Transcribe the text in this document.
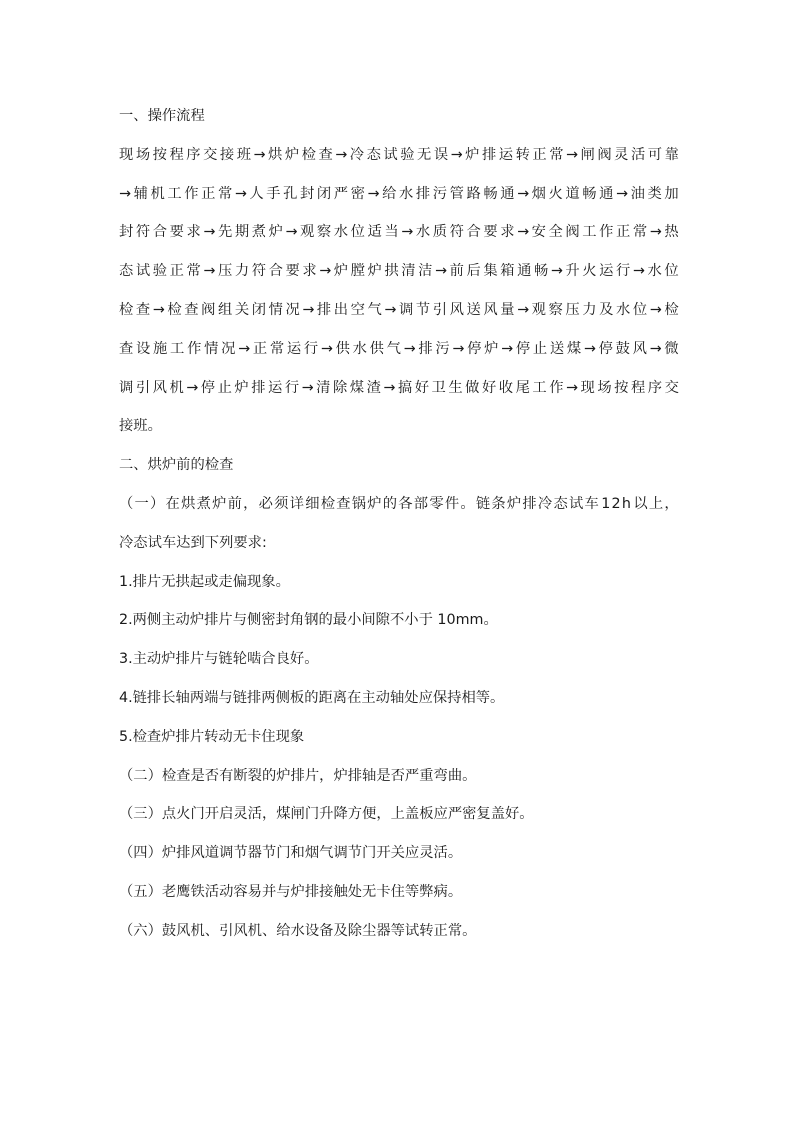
一、操作流程
现 场 按 程 序 交 接 班 → 烘 炉 检 查 → 冷 态 试 验 无 误 → 炉 排 运 转 正 常 → 闸 阀 灵 活 可 靠
→ 辅 机 工 作 正 常 → 人 手 孔 封 闭 严 密 → 给 水 排 污 管 路 畅 通 → 烟 火 道 畅 通 → 油 类 加
封 符 合 要 求 → 先 期 煮 炉 → 观 察 水 位 适 当 → 水 质 符 合 要 求 → 安 全 阀 工 作 正 常 → 热
态 试 验 正 常 → 压 力 符 合 要 求 → 炉 膛 炉 拱 清 洁 → 前 后 集 箱 通 畅 → 升 火 运 行 → 水 位
检 查 → 检 查 阀 组 关 闭 情 况 → 排 出 空 气 → 调 节 引 风 送 风 量 → 观 察 压 力 及 水 位 → 检
查 设 施 工 作 情 况 → 正 常 运 行 → 供 水 供 气 → 排 污 → 停 炉 → 停 止 送 煤 → 停 鼓 风 → 微
调 引 风 机 → 停 止 炉 排 运 行 → 清 除 煤 渣 → 搞 好 卫 生 做 好 收 尾 工 作 → 现 场 按 程 序 交
接班。
二、烘炉前的检查
（ 一 ） 在 烘 煮 炉 前 ， 必 须 详 细 检 查 锅 炉 的 各 部 零 件 。 链 条 炉 排 冷 态 试 车 1 2 h 以 上 ，
冷态试车达到下列要求:
1.排片无拱起或走偏现象。
2.两侧主动炉排片与侧密封角钢的最小间隙不小于 10mm。
3.主动炉排片与链轮啮合良好。
4.链排长轴两端与链排两侧板的距离在主动轴处应保持相等。
5.检查炉排片转动无卡住现象
（二）检查是否有断裂的炉排片，炉排轴是否严重弯曲。
（三）点火门开启灵活，煤闸门升降方便，上盖板应严密复盖好。
（四）炉排风道调节器节门和烟气调节门开关应灵活。
（五）老鹰铁活动容易并与炉排接触处无卡住等弊病。
（六）鼓风机、引风机、给水设备及除尘器等试转正常。
